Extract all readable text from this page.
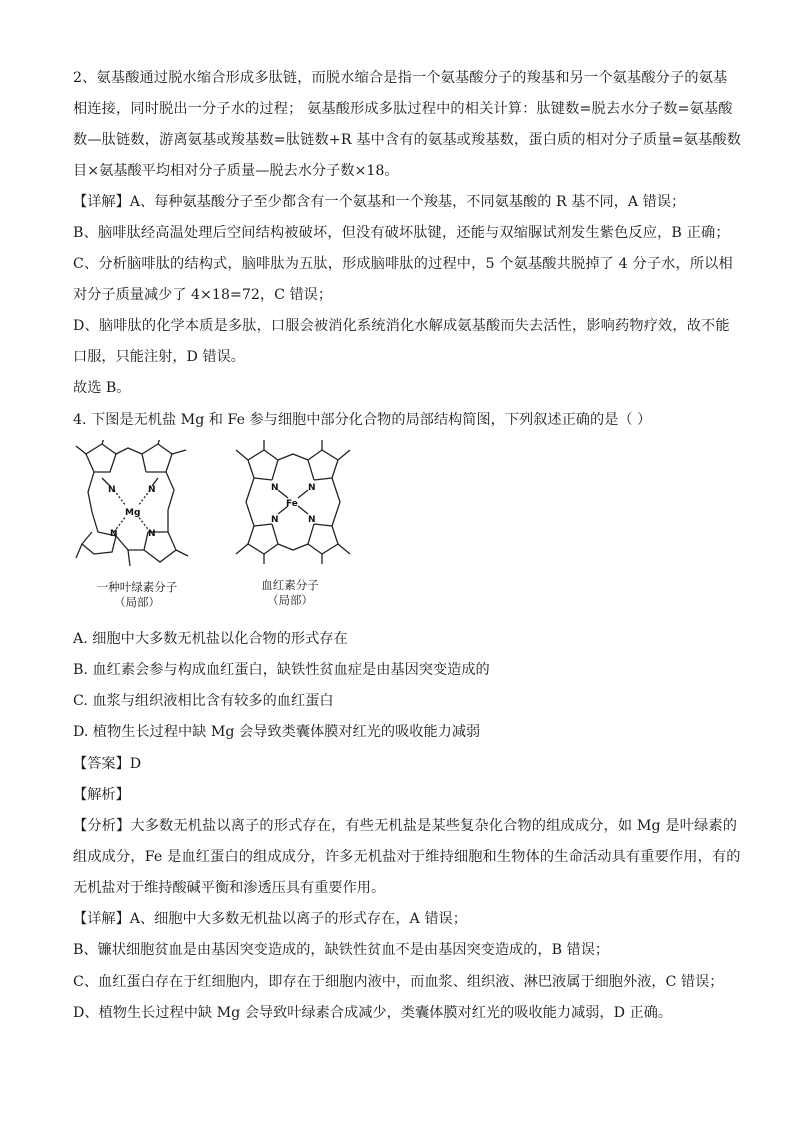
2、氨基酸通过脱水缩合形成多肽链，而脱水缩合是指一个氨基酸分子的羧基和另一个氨基酸分子的氨基
相连接，同时脱出一分子水的过程； 氨基酸形成多肽过程中的相关计算：肽键数=脱去水分子数=氨基酸
数—肽链数，游离氨基或羧基数=肽链数+R 基中含有的氨基或羧基数，蛋白质的相对分子质量=氨基酸数
目×氨基酸平均相对分子质量—脱去水分子数×18。
【详解】A、每种氨基酸分子至少都含有一个氨基和一个羧基，不同氨基酸的 R 基不同，A 错误；
B、脑啡肽经高温处理后空间结构被破坏，但没有破坏肽键，还能与双缩脲试剂发生紫色反应，B 正确；
C、分析脑啡肽的结构式，脑啡肽为五肽，形成脑啡肽的过程中，5 个氨基酸共脱掉了 4 分子水，所以相
对分子质量减少了 4×18=72，C 错误；
D、脑啡肽的化学本质是多肽，口服会被消化系统消化水解成氨基酸而失去活性，影响药物疗效，故不能
口服，只能注射，D 错误。
故选 B。
4. 下图是无机盐 Mg 和 Fe 参与细胞中部分化合物的局部结构简图，下列叙述正确的是（ ）
N	N
N	N
Mg
一种叶绿素分子
（局部）
N	N
N	N
Fe
血红素分子
（局部）
A. 细胞中大多数无机盐以化合物的形式存在
B. 血红素会参与构成血红蛋白，缺铁性贫血症是由基因突变造成的
C. 血浆与组织液相比含有较多的血红蛋白
D. 植物生长过程中缺 Mg 会导致类囊体膜对红光的吸收能力减弱
【答案】D
【解析】
【分析】大多数无机盐以离子的形式存在，有些无机盐是某些复杂化合物的组成成分，如 Mg 是叶绿素的
组成成分，Fe 是血红蛋白的组成成分，许多无机盐对于维持细胞和生物体的生命活动具有重要作用，有的
无机盐对于维持酸碱平衡和渗透压具有重要作用。
【详解】A、细胞中大多数无机盐以离子的形式存在，A 错误；
B、镰状细胞贫血是由基因突变造成的，缺铁性贫血不是由基因突变造成的，B 错误；
C、血红蛋白存在于红细胞内，即存在于细胞内液中，而血浆、组织液、淋巴液属于细胞外液，C 错误；
D、植物生长过程中缺 Mg 会导致叶绿素合成减少，类囊体膜对红光的吸收能力减弱，D 正确。
